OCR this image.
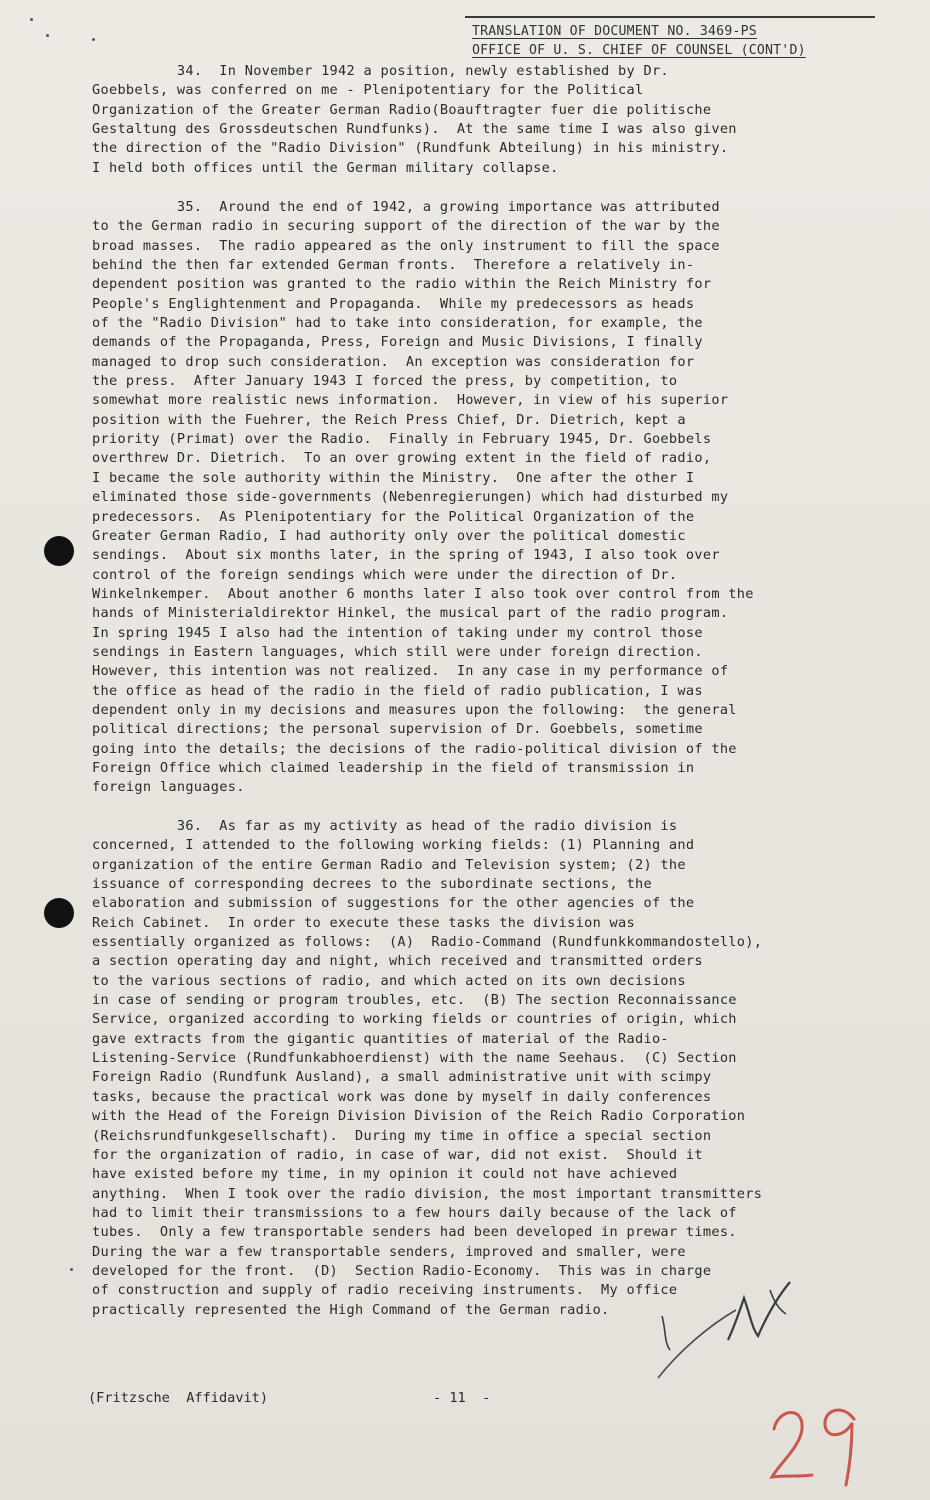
TRANSLATION OF DOCUMENT NO. 3469-PS
OFFICE OF U. S. CHIEF OF COUNSEL (CONT'D)
34.  In November 1942 a position, newly established by Dr.
Goebbels, was conferred on me - Plenipotentiary for the Political
Organization of the Greater German Radio(Boauftragter fuer die politische
Gestaltung des Grossdeutschen Rundfunks).  At the same time I was also given
the direction of the "Radio Division" (Rundfunk Abteilung) in his ministry.
I held both offices until the German military collapse.
35.  Around the end of 1942, a growing importance was attributed
to the German radio in securing support of the direction of the war by the
broad masses.  The radio appeared as the only instrument to fill the space
behind the then far extended German fronts.  Therefore a relatively in-
dependent position was granted to the radio within the Reich Ministry for
People's Englightenment and Propaganda.  While my predecessors as heads
of the "Radio Division" had to take into consideration, for example, the
demands of the Propaganda, Press, Foreign and Music Divisions, I finally
managed to drop such consideration.  An exception was consideration for
the press.  After January 1943 I forced the press, by competition, to
somewhat more realistic news information.  However, in view of his superior
position with the Fuehrer, the Reich Press Chief, Dr. Dietrich, kept a
priority (Primat) over the Radio.  Finally in February 1945, Dr. Goebbels
overthrew Dr. Dietrich.  To an over growing extent in the field of radio,
I became the sole authority within the Ministry.  One after the other I
eliminated those side-governments (Nebenregierungen) which had disturbed my
predecessors.  As Plenipotentiary for the Political Organization of the
Greater German Radio, I had authority only over the political domestic
sendings.  About six months later, in the spring of 1943, I also took over
control of the foreign sendings which were under the direction of Dr.
Winkelnkemper.  About another 6 months later I also took over control from the
hands of Ministerialdirektor Hinkel, the musical part of the radio program.
In spring 1945 I also had the intention of taking under my control those
sendings in Eastern languages, which still were under foreign direction.
However, this intention was not realized.  In any case in my performance of
the office as head of the radio in the field of radio publication, I was
dependent only in my decisions and measures upon the following:  the general
political directions; the personal supervision of Dr. Goebbels, sometime
going into the details; the decisions of the radio-political division of the
Foreign Office which claimed leadership in the field of transmission in
foreign languages.
36.  As far as my activity as head of the radio division is
concerned, I attended to the following working fields: (1) Planning and
organization of the entire German Radio and Television system; (2) the
issuance of corresponding decrees to the subordinate sections, the
elaboration and submission of suggestions for the other agencies of the
Reich Cabinet.  In order to execute these tasks the division was
essentially organized as follows:  (A)  Radio-Command (Rundfunkkommandostello),
a section operating day and night, which received and transmitted orders
to the various sections of radio, and which acted on its own decisions
in case of sending or program troubles, etc.  (B) The section Reconnaissance
Service, organized according to working fields or countries of origin, which
gave extracts from the gigantic quantities of material of the Radio-
Listening-Service (Rundfunkabhoerdienst) with the name Seehaus.  (C) Section
Foreign Radio (Rundfunk Ausland), a small administrative unit with scimpy
tasks, because the practical work was done by myself in daily conferences
with the Head of the Foreign Division Division of the Reich Radio Corporation
(Reichsrundfunkgesellschaft).  During my time in office a special section
for the organization of radio, in case of war, did not exist.  Should it
have existed before my time, in my opinion it could not have achieved
anything.  When I took over the radio division, the most important transmitters
had to limit their transmissions to a few hours daily because of the lack of
tubes.  Only a few transportable senders had been developed in prewar times.
During the war a few transportable senders, improved and smaller, were
developed for the front.  (D)  Section Radio-Economy.  This was in charge
of construction and supply of radio receiving instruments.  My office
practically represented the High Command of the German radio.
(Fritzsche  Affidavit)	- 11  -
